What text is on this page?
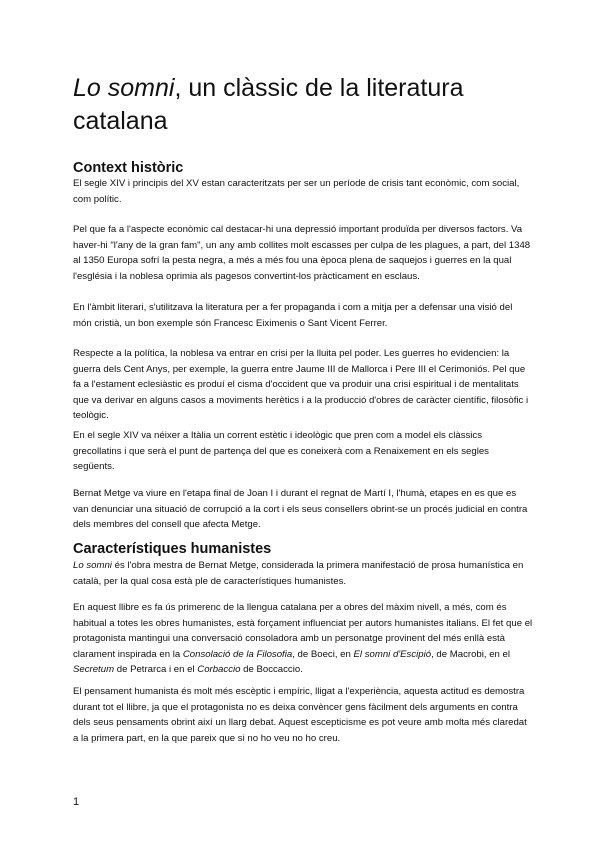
Lo somni, un clàssic de la literatura catalana
Context històric

El segle XIV i principis del XV estan caracteritzats per ser un període de crisis tant econòmic, com social, com polític.

Pel que fa a l'aspecte econòmic cal destacar-hi una depressió important produïda per diversos factors. Va haver-hi "l'any de la gran fam", un any amb collites molt escasses per culpa de les plagues, a part, del 1348 al 1350 Europa sofrí la pesta negra, a més a més fou una època plena de saquejos i guerres en la qual l'església i la noblesa oprimia als pagesos convertint-los pràcticament en esclaus.

En l'àmbit literari, s'utilitzava la literatura per a fer propaganda i com a mitja per a defensar una visió del món cristià, un bon exemple són Francesc Eiximenis o Sant Vicent Ferrer.

Respecte a la política, la noblesa va entrar en crisi per la lluita pel poder. Les guerres ho evidencien: la guerra dels Cent Anys, per exemple, la guerra entre Jaume III de Mallorca i Pere III el Cerimoniós. Pel que fa a l'estament eclesiàstic es produí el cisma d'occident que va produir una crisi espiritual i de mentalitats que va derivar en alguns casos a moviments herètics i a la producció d'obres de caràcter científic, filosòfic i teològic.

En el segle XIV va néixer a Itàlia un corrent estètic i ideològic que pren com a model els clàssics grecollatins i que serà el punt de partença del que es coneixerà com a Renaixement en els segles següents.

Bernat Metge va viure en l'etapa final de Joan I i durant el regnat de Martí I, l'humà, etapes en es que es van denunciar una situació de corrupció a la cort i els seus consellers obrint-se un procés judicial en contra dels membres del consell que afecta Metge.

Característiques humanistes

Lo somni és l'obra mestra de Bernat Metge, considerada la primera manifestació de prosa humanística en català, per la qual cosa està ple de característiques humanistes.

En aquest llibre es fa ús primerenc de la llengua catalana per a obres del màxim nivell, a més, com és habitual a totes les obres humanistes, està forçament influenciat per autors humanistes italians. El fet que el protagonista mantingui una conversació consoladora amb un personatge provinent del més enllà està clarament inspirada en la Consolació de la Filosofia, de Boeci, en El somni d'Escipió, de Macrobi, en el Secretum de Petrarca i en el Corbaccio de Boccaccio.

El pensament humanista és molt més escèptic i empíric, lligat a l'experiència, aquesta actitud es demostra durant tot el llibre, ja que el protagonista no es deixa convèncer gens fàcilment dels arguments en contra dels seus pensaments obrint així un llarg debat. Aquest escepticisme es pot veure amb molta més claredat a la primera part, en la que pareix que si no ho veu no ho creu.

1
